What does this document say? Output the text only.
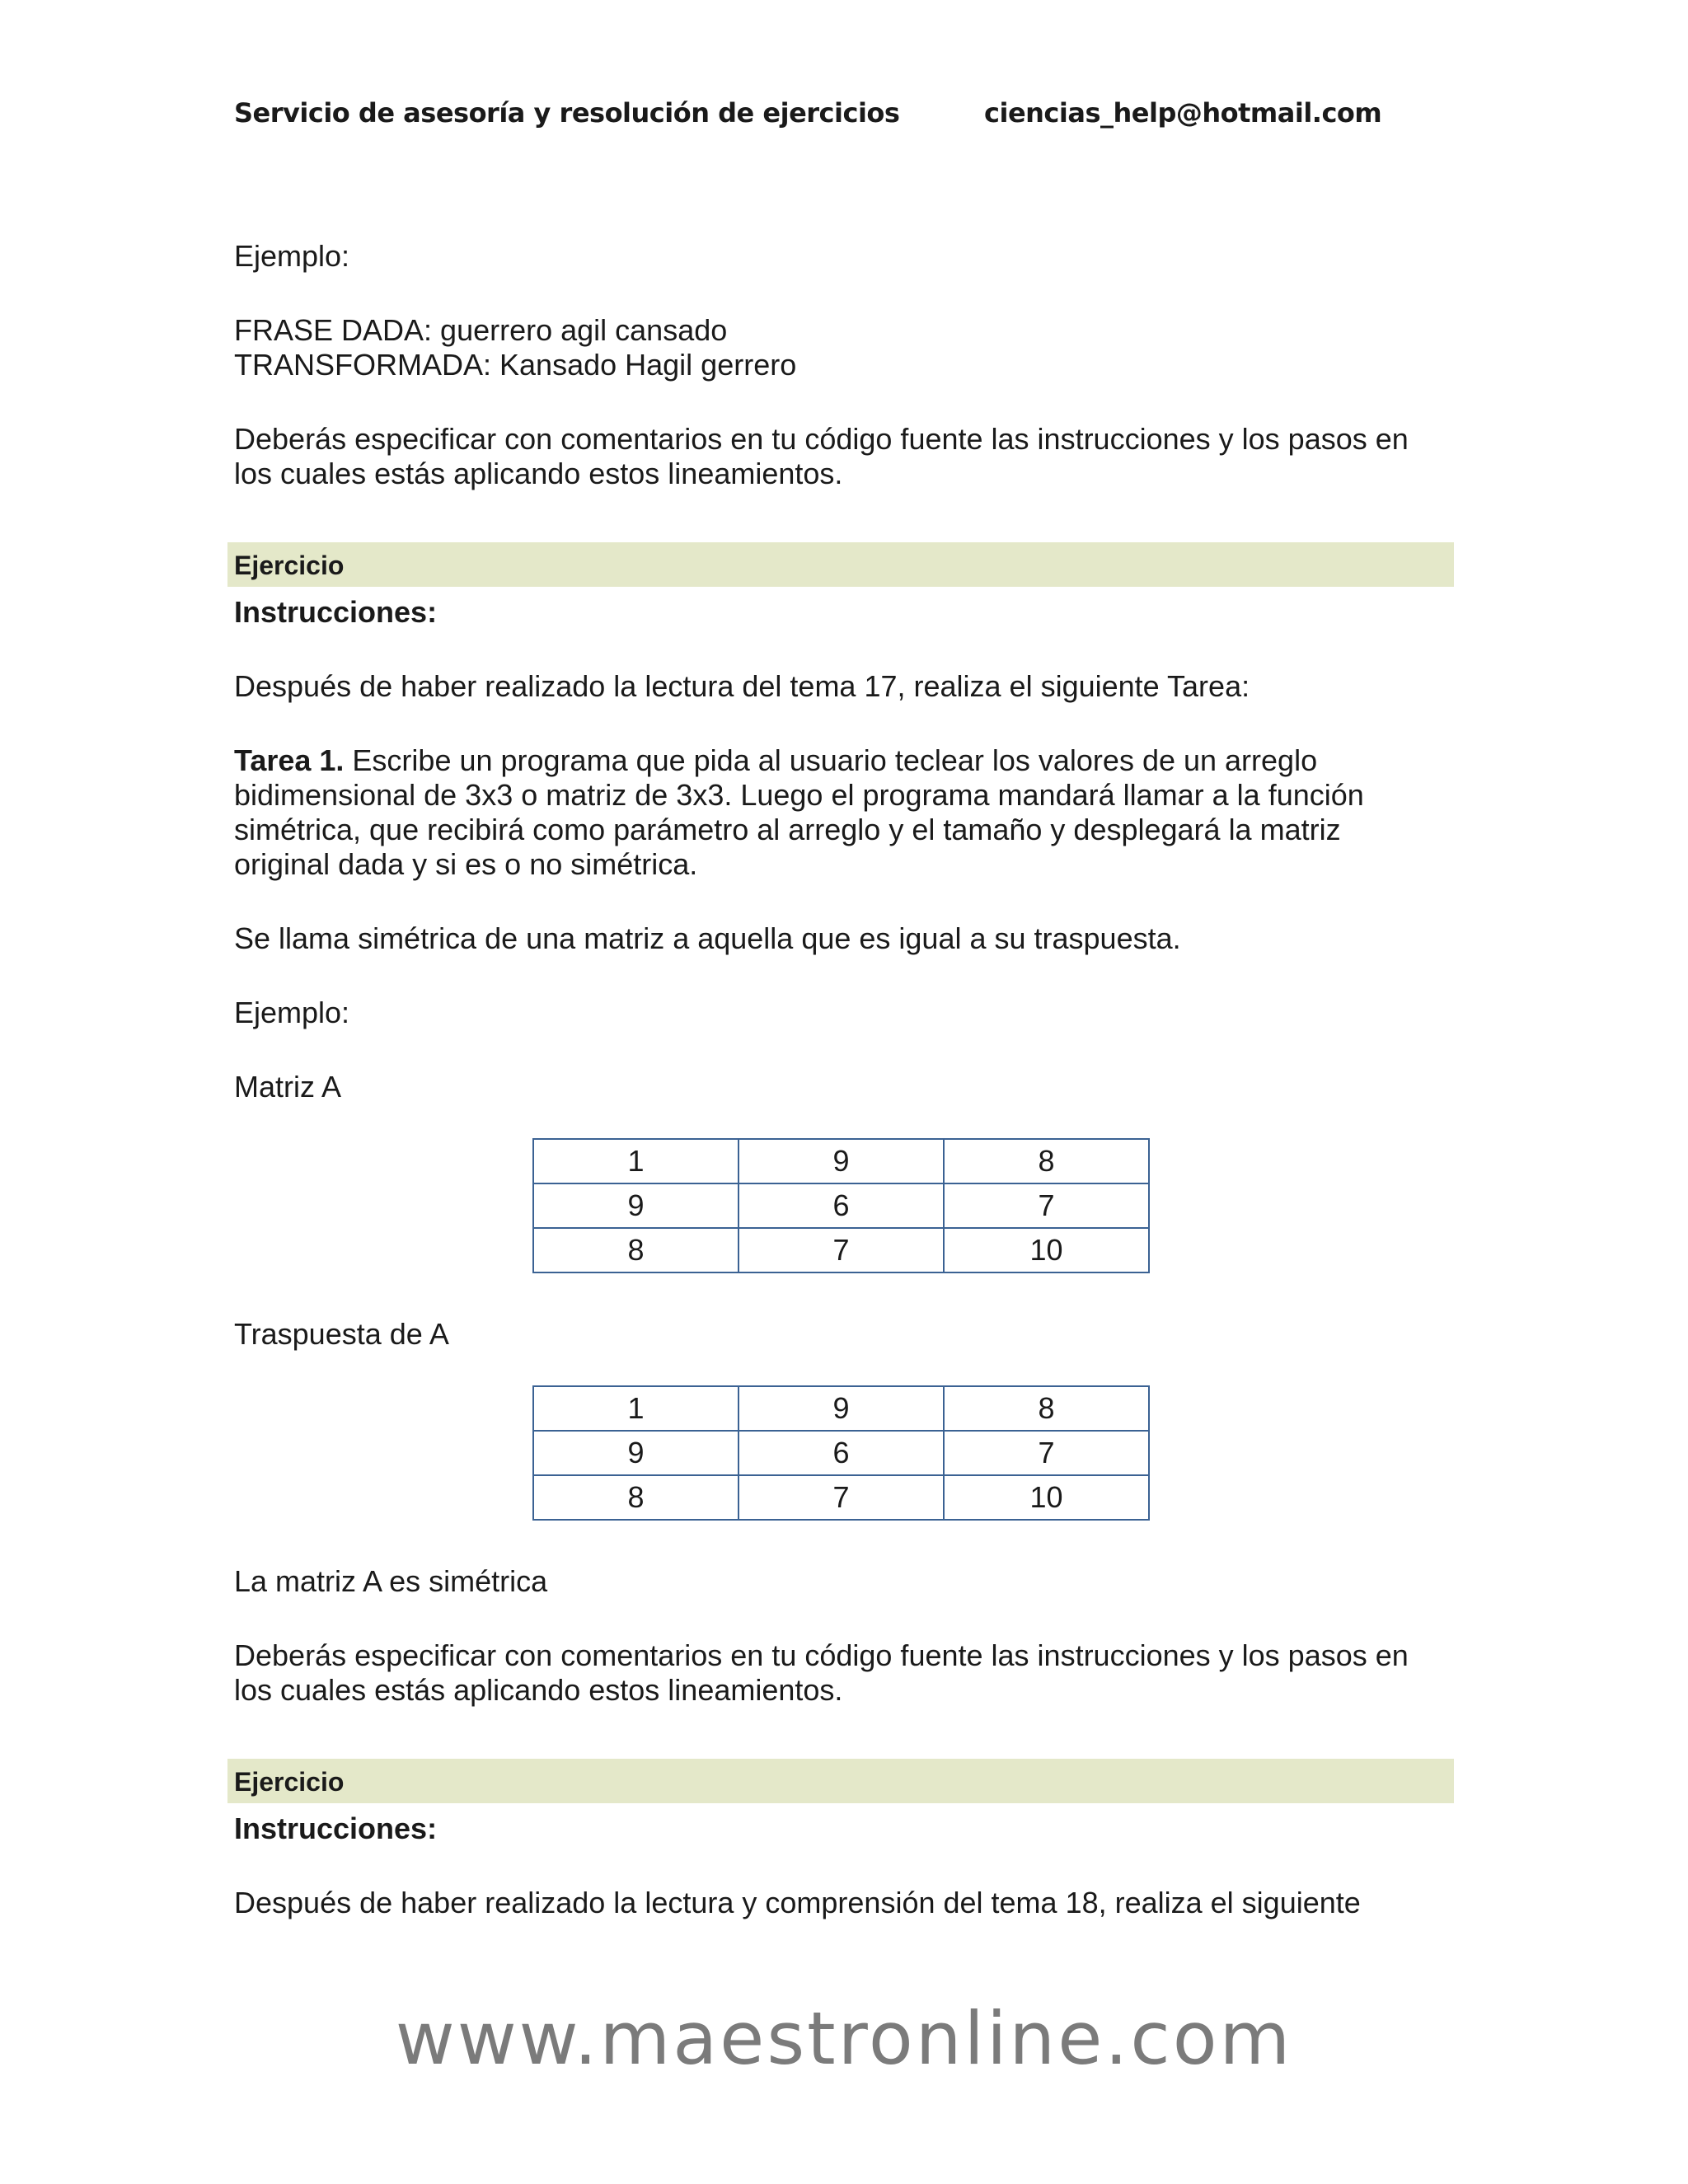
Servicio de asesoría y resolución de ejercicios	ciencias_help@hotmail.com
Ejemplo:
FRASE DADA: guerrero agil cansado
TRANSFORMADA: Kansado Hagil gerrero
Deberás especificar con comentarios en tu código fuente las instrucciones y los pasos en
los cuales estás aplicando estos lineamientos.
Ejercicio
Instrucciones:
Después de haber realizado la lectura del tema 17, realiza el siguiente Tarea:
Tarea 1. Escribe un programa que pida al usuario teclear los valores de un arreglo
bidimensional de 3x3 o matriz de 3x3. Luego el programa mandará llamar a la función
simétrica, que recibirá como parámetro al arreglo y el tamaño y desplegará la matriz
original dada y si es o no simétrica.
Se llama simétrica de una matriz a aquella que es igual a su traspuesta.
Ejemplo:
Matriz A
1	9	8
9	6	7
8	7	10
Traspuesta de A
1	9	8
9	6	7
8	7	10
La matriz A es simétrica
Deberás especificar con comentarios en tu código fuente las instrucciones y los pasos en
los cuales estás aplicando estos lineamientos.
Ejercicio
Instrucciones:
Después de haber realizado la lectura y comprensión del tema 18, realiza el siguiente
www.maestronline.com
